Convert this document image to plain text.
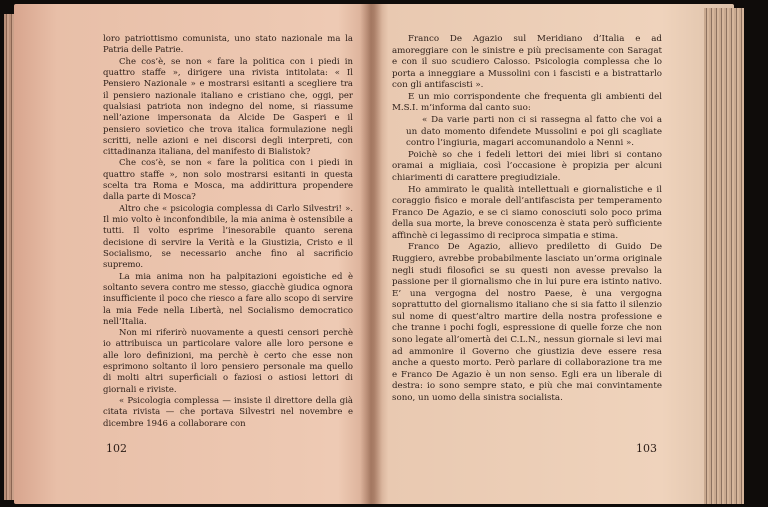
loro patriottismo comunista, uno stato nazionale ma la Patria delle Patrie.

Che cos’è, se non « fare la politica con i piedi in quattro staffe », dirigere una rivista intitolata: « Il Pensiero Nazionale » e mostrarsi esitanti a scegliere tra il pensiero nazionale italiano e cristiano che, oggi, per qualsiasi patriota non indegno del nome, si riassume nell’azione impersonata da Alcide De Gasperi e il pensiero sovietico che trova italica formulazione negli scritti, nelle azioni e nei discorsi degli interpreti, con cittadinanza italiana, del manifesto di Bialistok?

Che cos’è, se non « fare la politica con i piedi in quattro staffe », non solo mostrarsi esitanti in questa scelta tra Roma e Mosca, ma addirittura propendere dalla parte di Mosca?

Altro che « psicologia complessa di Carlo Silvestri! ». Il mio volto è inconfondibile, la mia anima è ostensibile a tutti. Il volto esprime l’inesorabile quanto serena decisione di servire la Verità e la Giustizia, Cristo e il Socialismo, se necessario anche fino al sacrificio supremo.

La mia anima non ha palpitazioni egoistiche ed è soltanto severa contro me stesso, giacchè giudica ognora insufficiente il poco che riesco a fare allo scopo di servire la mia Fede nella Libertà, nel Socialismo democratico nell’Italia.

Non mi riferirò nuovamente a questi censori perchè io attribuisca un particolare valore alle loro persone e alle loro definizioni, ma perchè è certo che esse non esprimono soltanto il loro pensiero personale ma quello di molti altri superficiali o faziosi o astiosi lettori di giornali e riviste.

« Psicologia complessa — insiste il direttore della già citata rivista — che portava Silvestri nel novembre e dicembre 1946 a collaborare con

102

Franco De Agazio sul Meridiano d’Italia e ad amoreggiare con le sinistre e più precisamente con Saragat e con il suo scudiero Calosso. Psicologia complessa che lo porta a inneggiare a Mussolini con i fascisti e a bistrattarlo con gli antifascisti ».

E un mio corrispondente che frequenta gli ambienti del M.S.I. m’informa dal canto suo:

« Da varie parti non ci si rassegna al fatto che voi a un dato momento difendete Mussolini e poi gli scagliate contro l’ingiuria, magari accomunandolo a Nenni ».

Poichè so che i fedeli lettori dei miei libri si contano oramai a migliaia, così l’occasione è propizia per alcuni chiarimenti di carattere pregiudiziale.

Ho ammirato le qualità intellettuali e giornalistiche e il coraggio fisico e morale dell’antifascista per temperamento Franco De Agazio, e se ci siamo conosciuti solo poco prima della sua morte, la breve conoscenza è stata però sufficiente affinchè ci legassimo di reciproca simpatia e stima.

Franco De Agazio, allievo prediletto di Guido De Ruggiero, avrebbe probabilmente lasciato un’orma originale negli studi filosofici se su questi non avesse prevalso la passione per il giornalismo che in lui pure era istinto nativo. E’ una vergogna del nostro Paese, è una vergogna soprattutto del giornalismo italiano che si sia fatto il silenzio sul nome di quest’altro martire della nostra professione e che tranne i pochi fogli, espressione di quelle forze che non sono legate all’omertà dei C.L.N., nessun giornale si levi mai ad ammonire il Governo che giustizia deve essere resa anche a questo morto. Però parlare di collaborazione tra me e Franco De Agazio è un non senso. Egli era un liberale di destra: io sono sempre stato, e più che mai convintamente sono, un uomo della sinistra socialista.

103
